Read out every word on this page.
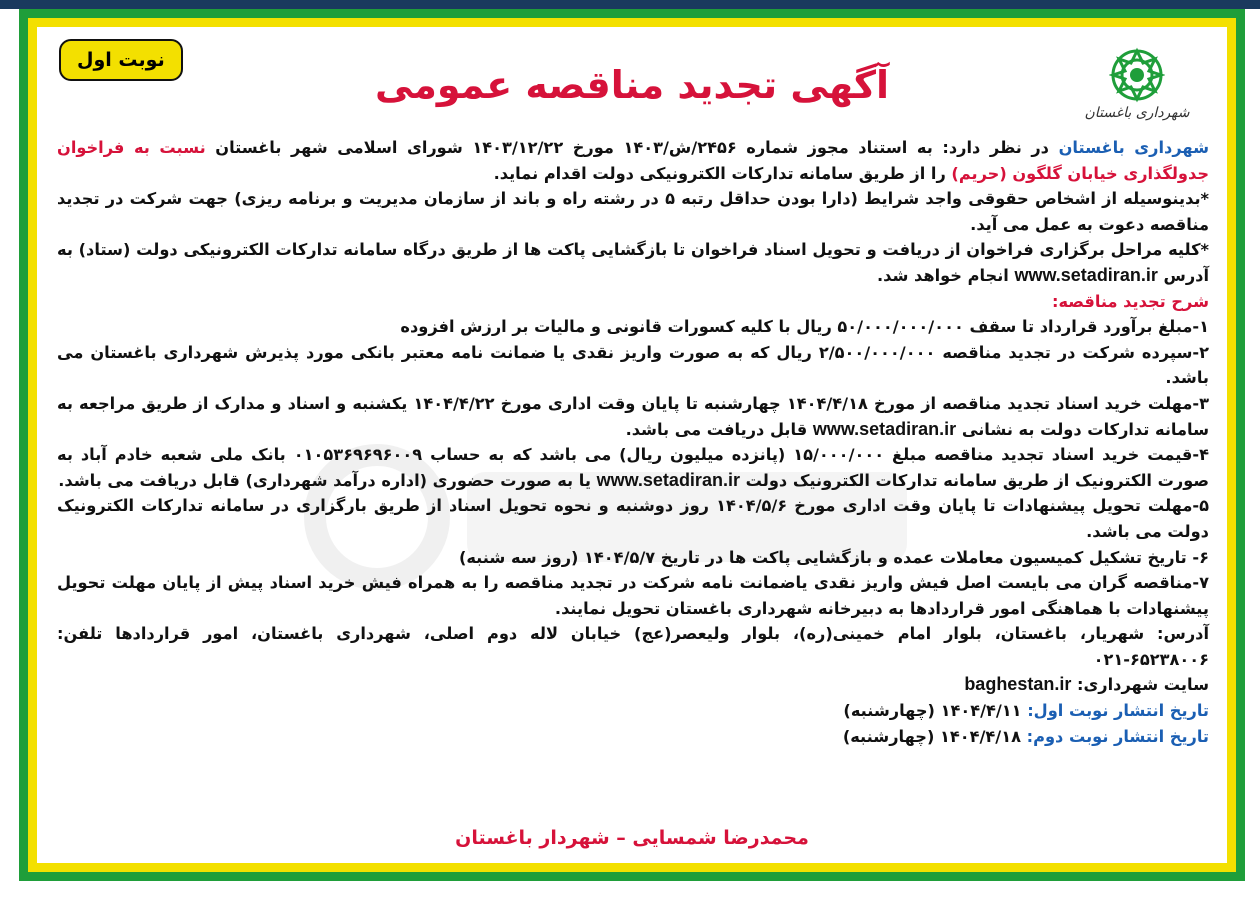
نوبت اول
شهرداری باغستان
آگهی تجدید مناقصه عمومی

شهرداری باغستان در نظر دارد: به استناد مجوز شماره ۲۴۵۶/ش/۱۴۰۳ مورخ ۱۴۰۳/۱۲/۲۲ شورای اسلامی شهر باغستان نسبت به فراخوان جدولگذاری خیابان گلگون (حریم) را از طریق سامانه تدارکات الکترونیکی دولت اقدام نماید.

*بدینوسیله از اشخاص حقوقی واجد شرایط (دارا بودن حداقل رتبه ۵ در رشته راه و باند از سازمان مدیریت و برنامه ریزی) جهت شرکت در تجدید مناقصه دعوت به عمل می آید.

*کلیه مراحل برگزاری فراخوان از دریافت و تحویل اسناد فراخوان تا بازگشایی پاکت ها از طریق درگاه سامانه تدارکات الکترونیکی دولت (ستاد) به آدرس www.setadiran.ir انجام خواهد شد.

شرح تجدید مناقصه:

۱-مبلغ برآورد قرارداد تا سقف ۵۰/۰۰۰/۰۰۰/۰۰۰ ریال با کلیه کسورات قانونی و مالیات بر ارزش افزوده

۲-سپرده شرکت در تجدید مناقصه ۲/۵۰۰/۰۰۰/۰۰۰ ریال که به صورت واریز نقدی یا ضمانت نامه معتبر بانکی مورد پذیرش شهرداری باغستان می باشد.

۳-مهلت خرید اسناد تجدید مناقصه از مورخ ۱۴۰۴/۴/۱۸ چهارشنبه تا پایان وقت اداری مورخ ۱۴۰۴/۴/۲۲ یکشنبه و اسناد و مدارک از طریق مراجعه به سامانه تدارکات دولت به نشانی www.setadiran.ir قابل دریافت می باشد.

۴-قیمت خرید اسناد تجدید مناقصه مبلغ ۱۵/۰۰۰/۰۰۰ (پانزده میلیون ریال) می باشد که به حساب ۰۱۰۵۳۶۹۶۹۶۰۰۹ بانک ملی شعبه خادم آباد به صورت الکترونیک از طریق سامانه تدارکات الکترونیک دولت www.setadiran.ir یا به صورت حضوری (اداره درآمد شهرداری) قابل دریافت می باشد.

۵-مهلت تحویل پیشنهادات تا پایان وقت اداری مورخ ۱۴۰۴/۵/۶ روز دوشنبه و نحوه تحویل اسناد از طریق بارگزاری در سامانه تدارکات الکترونیک دولت می باشد.

۶- تاریخ تشکیل کمیسیون معاملات عمده و بازگشایی پاکت ها در تاریخ ۱۴۰۴/۵/۷ (روز سه شنبه)

۷-مناقصه گران می بایست اصل فیش واریز نقدی یاضمانت نامه شرکت در تجدید مناقصه را به همراه فیش خرید اسناد پیش از پایان مهلت تحویل پیشنهادات با هماهنگی امور قراردادها به دبیرخانه شهرداری باغستان تحویل نمایند.

آدرس: شهریار، باغستان، بلوار امام خمینی(ره)، بلوار ولیعصر(عج) خیابان لاله دوم اصلی، شهرداری باغستان، امور قراردادها تلفن: ۰۲۱-۶۵۲۳۸۰۰۶

سایت شهرداری: baghestan.ir

تاریخ انتشار نوبت اول: ۱۴۰۴/۴/۱۱ (چهارشنبه)

تاریخ انتشار نوبت دوم: ۱۴۰۴/۴/۱۸ (چهارشنبه)

محمدرضا شمسایی – شهردار باغستان
